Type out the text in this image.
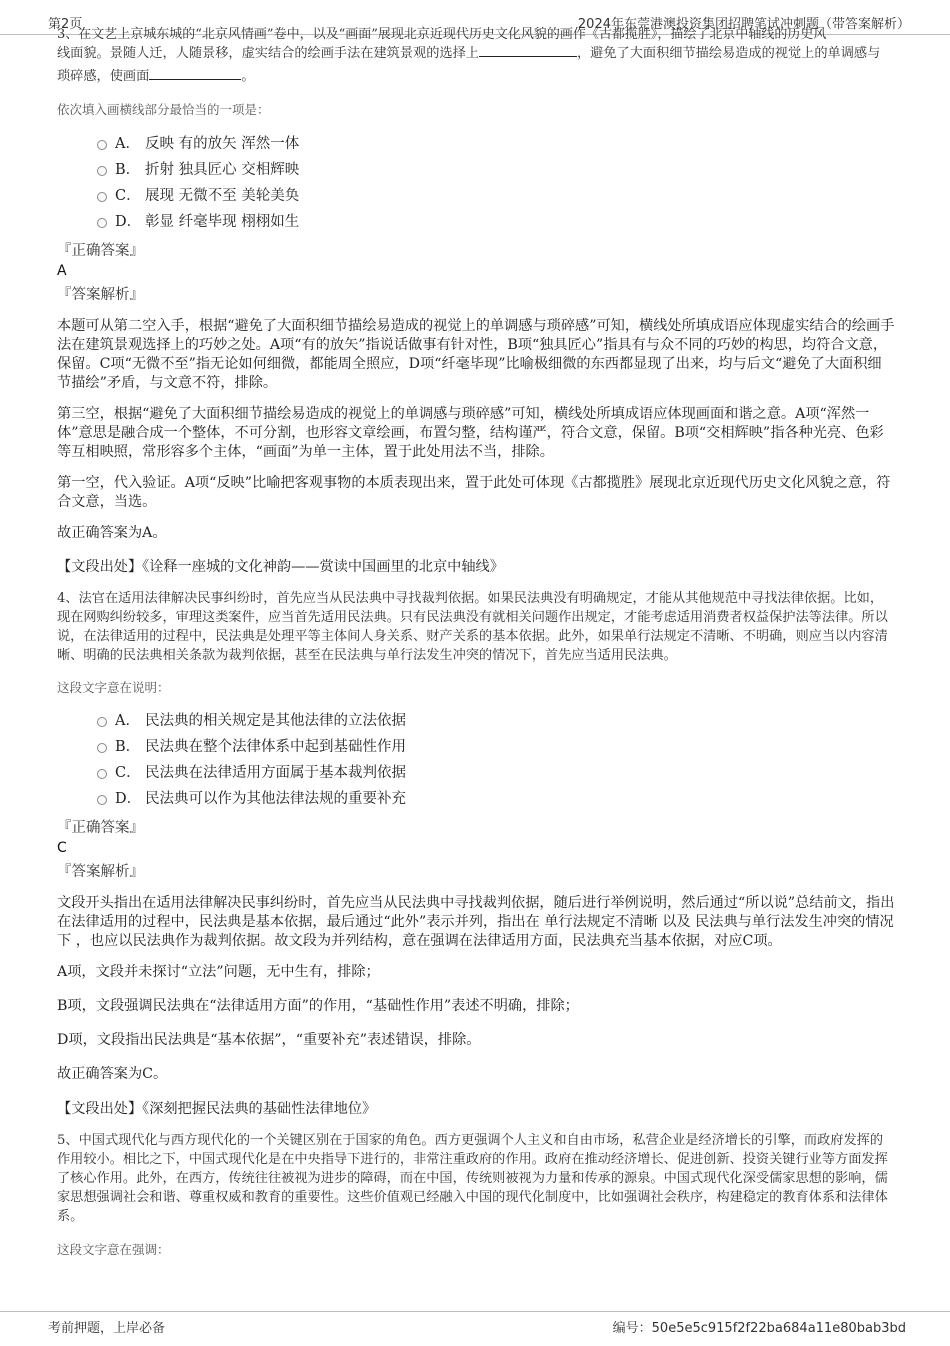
第2页	2024年东莞港澳投资集团招聘笔试冲刺题（带答案解析）
3、在文艺上京城东城的“北京风情画”卷中，以及“画面”展现北京近现代历史文化风貌的画作《古都揽胜》，描绘了北京中轴线的历史风

线面貌。景随人迁，人随景移，虚实结合的绘画手法在建筑景观的选择上	，避免了大面积细节描绘易造成的视觉上的单调感与
琐碎感，使画面	。

依次填入画横线部分最恰当的一项是：

A． 反映 有的放矢 浑然一体
B． 折射 独具匠心 交相辉映
C． 展现 无微不至 美轮美奂
D． 彰显 纤毫毕现 栩栩如生

『正确答案』

A

『答案解析』

本题可从第二空入手，根据“避免了大面积细节描绘易造成的视觉上的单调感与琐碎感”可知，横线处所填成语应体现虚实结合的绘画手法在建筑景观选择上的巧妙之处。A项“有的放矢”指说话做事有针对性，B项“独具匠心”指具有与众不同的巧妙的构思，均符合文意，保留。C项“无微不至”指无论如何细微，都能周全照应，D项“纤毫毕现”比喻极细微的东西都显现了出来，均与后文“避免了大面积细节描绘”矛盾，与文意不符，排除。

第三空，根据“避免了大面积细节描绘易造成的视觉上的单调感与琐碎感”可知，横线处所填成语应体现画面和谐之意。A项“浑然一体”意思是融合成一个整体，不可分割，也形容文章绘画，布置匀整，结构谨严，符合文意，保留。B项“交相辉映”指各种光亮、色彩等互相映照，常形容多个主体，“画面”为单一主体，置于此处用法不当，排除。

第一空，代入验证。A项“反映”比喻把客观事物的本质表现出来，置于此处可体现《古都揽胜》展现北京近现代历史文化风貌之意，符合文意，当选。

故正确答案为A。

【文段出处】《诠释一座城的文化神韵——赏读中国画里的北京中轴线》

4、法官在适用法律解决民事纠纷时，首先应当从民法典中寻找裁判依据。如果民法典没有明确规定，才能从其他规范中寻找法律依据。比如，现在网购纠纷较多，审理这类案件，应当首先适用民法典。只有民法典没有就相关问题作出规定，才能考虑适用消费者权益保护法等法律。所以说，在法律适用的过程中，民法典是处理平等主体间人身关系、财产关系的基本依据。此外，如果单行法规定不清晰、不明确，则应当以内容清晰、明确的民法典相关条款为裁判依据，甚至在民法典与单行法发生冲突的情况下，首先应当适用民法典。

这段文字意在说明：

A． 民法典的相关规定是其他法律的立法依据
B． 民法典在整个法律体系中起到基础性作用
C． 民法典在法律适用方面属于基本裁判依据
D． 民法典可以作为其他法律法规的重要补充

『正确答案』

C

『答案解析』

文段开头指出在适用法律解决民事纠纷时，首先应当从民法典中寻找裁判依据，随后进行举例说明，然后通过“所以说”总结前文，指出在法律适用的过程中，民法典是基本依据，最后通过“此外”表示并列，指出在 单行法规定不清晰 以及 民法典与单行法发生冲突的情况下 ，也应以民法典作为裁判依据。故文段为并列结构，意在强调在法律适用方面，民法典充当基本依据，对应C项。

A项，文段并未探讨“立法”问题，无中生有，排除；

B项，文段强调民法典在“法律适用方面”的作用，“基础性作用”表述不明确，排除；

D项，文段指出民法典是“基本依据”，“重要补充”表述错误，排除。

故正确答案为C。

【文段出处】《深刻把握民法典的基础性法律地位》

5、中国式现代化与西方现代化的一个关键区别在于国家的角色。西方更强调个人主义和自由市场，私营企业是经济增长的引擎，而政府发挥的作用较小。相比之下，中国式现代化是在中央指导下进行的，非常注重政府的作用。政府在推动经济增长、促进创新、投资关键行业等方面发挥了核心作用。此外，在西方，传统往往被视为进步的障碍，而在中国，传统则被视为力量和传承的源泉。中国式现代化深受儒家思想的影响，儒家思想强调社会和谐、尊重权威和教育的重要性。这些价值观已经融入中国的现代化制度中，比如强调社会秩序，构建稳定的教育体系和法律体系。

这段文字意在强调：

考前押题，上岸必备	编号：50e5e5c915f2f22ba684a11e80bab3bd
